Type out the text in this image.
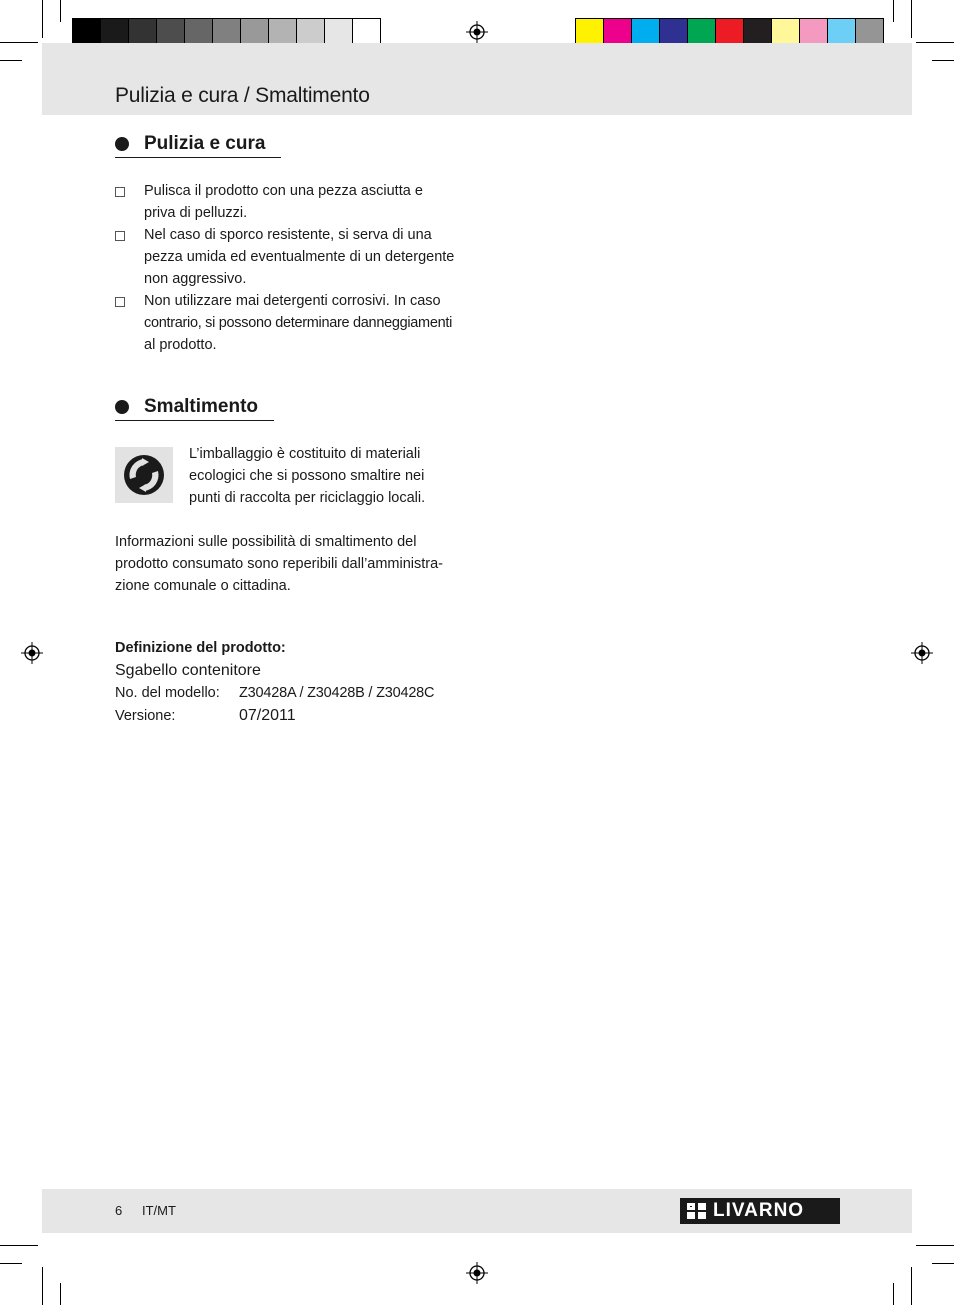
Pulizia e cura / Smaltimento
Pulizia e cura
Pulisca il prodotto con una pezza asciutta e
priva di pelluzzi.
Nel caso di sporco resistente, si serva di una
pezza umida ed eventualmente di un detergente
non aggressivo.
Non utilizzare mai detergenti corrosivi. In caso
contrario, si possono determinare danneggiamenti
al prodotto.
Smaltimento
L’imballaggio è costituito di materiali
ecologici che si possono smaltire nei
punti di raccolta per riciclaggio locali.
Informazioni sulle possibilità di smaltimento del
prodotto consumato sono reperibili dall’amministra-
zione comunale o cittadina.
Definizione del prodotto:
Sgabello contenitore
No. del modello: Z30428A / Z30428B / Z30428C
Versione:	07/2011
6 IT/MT	LIVARNO
